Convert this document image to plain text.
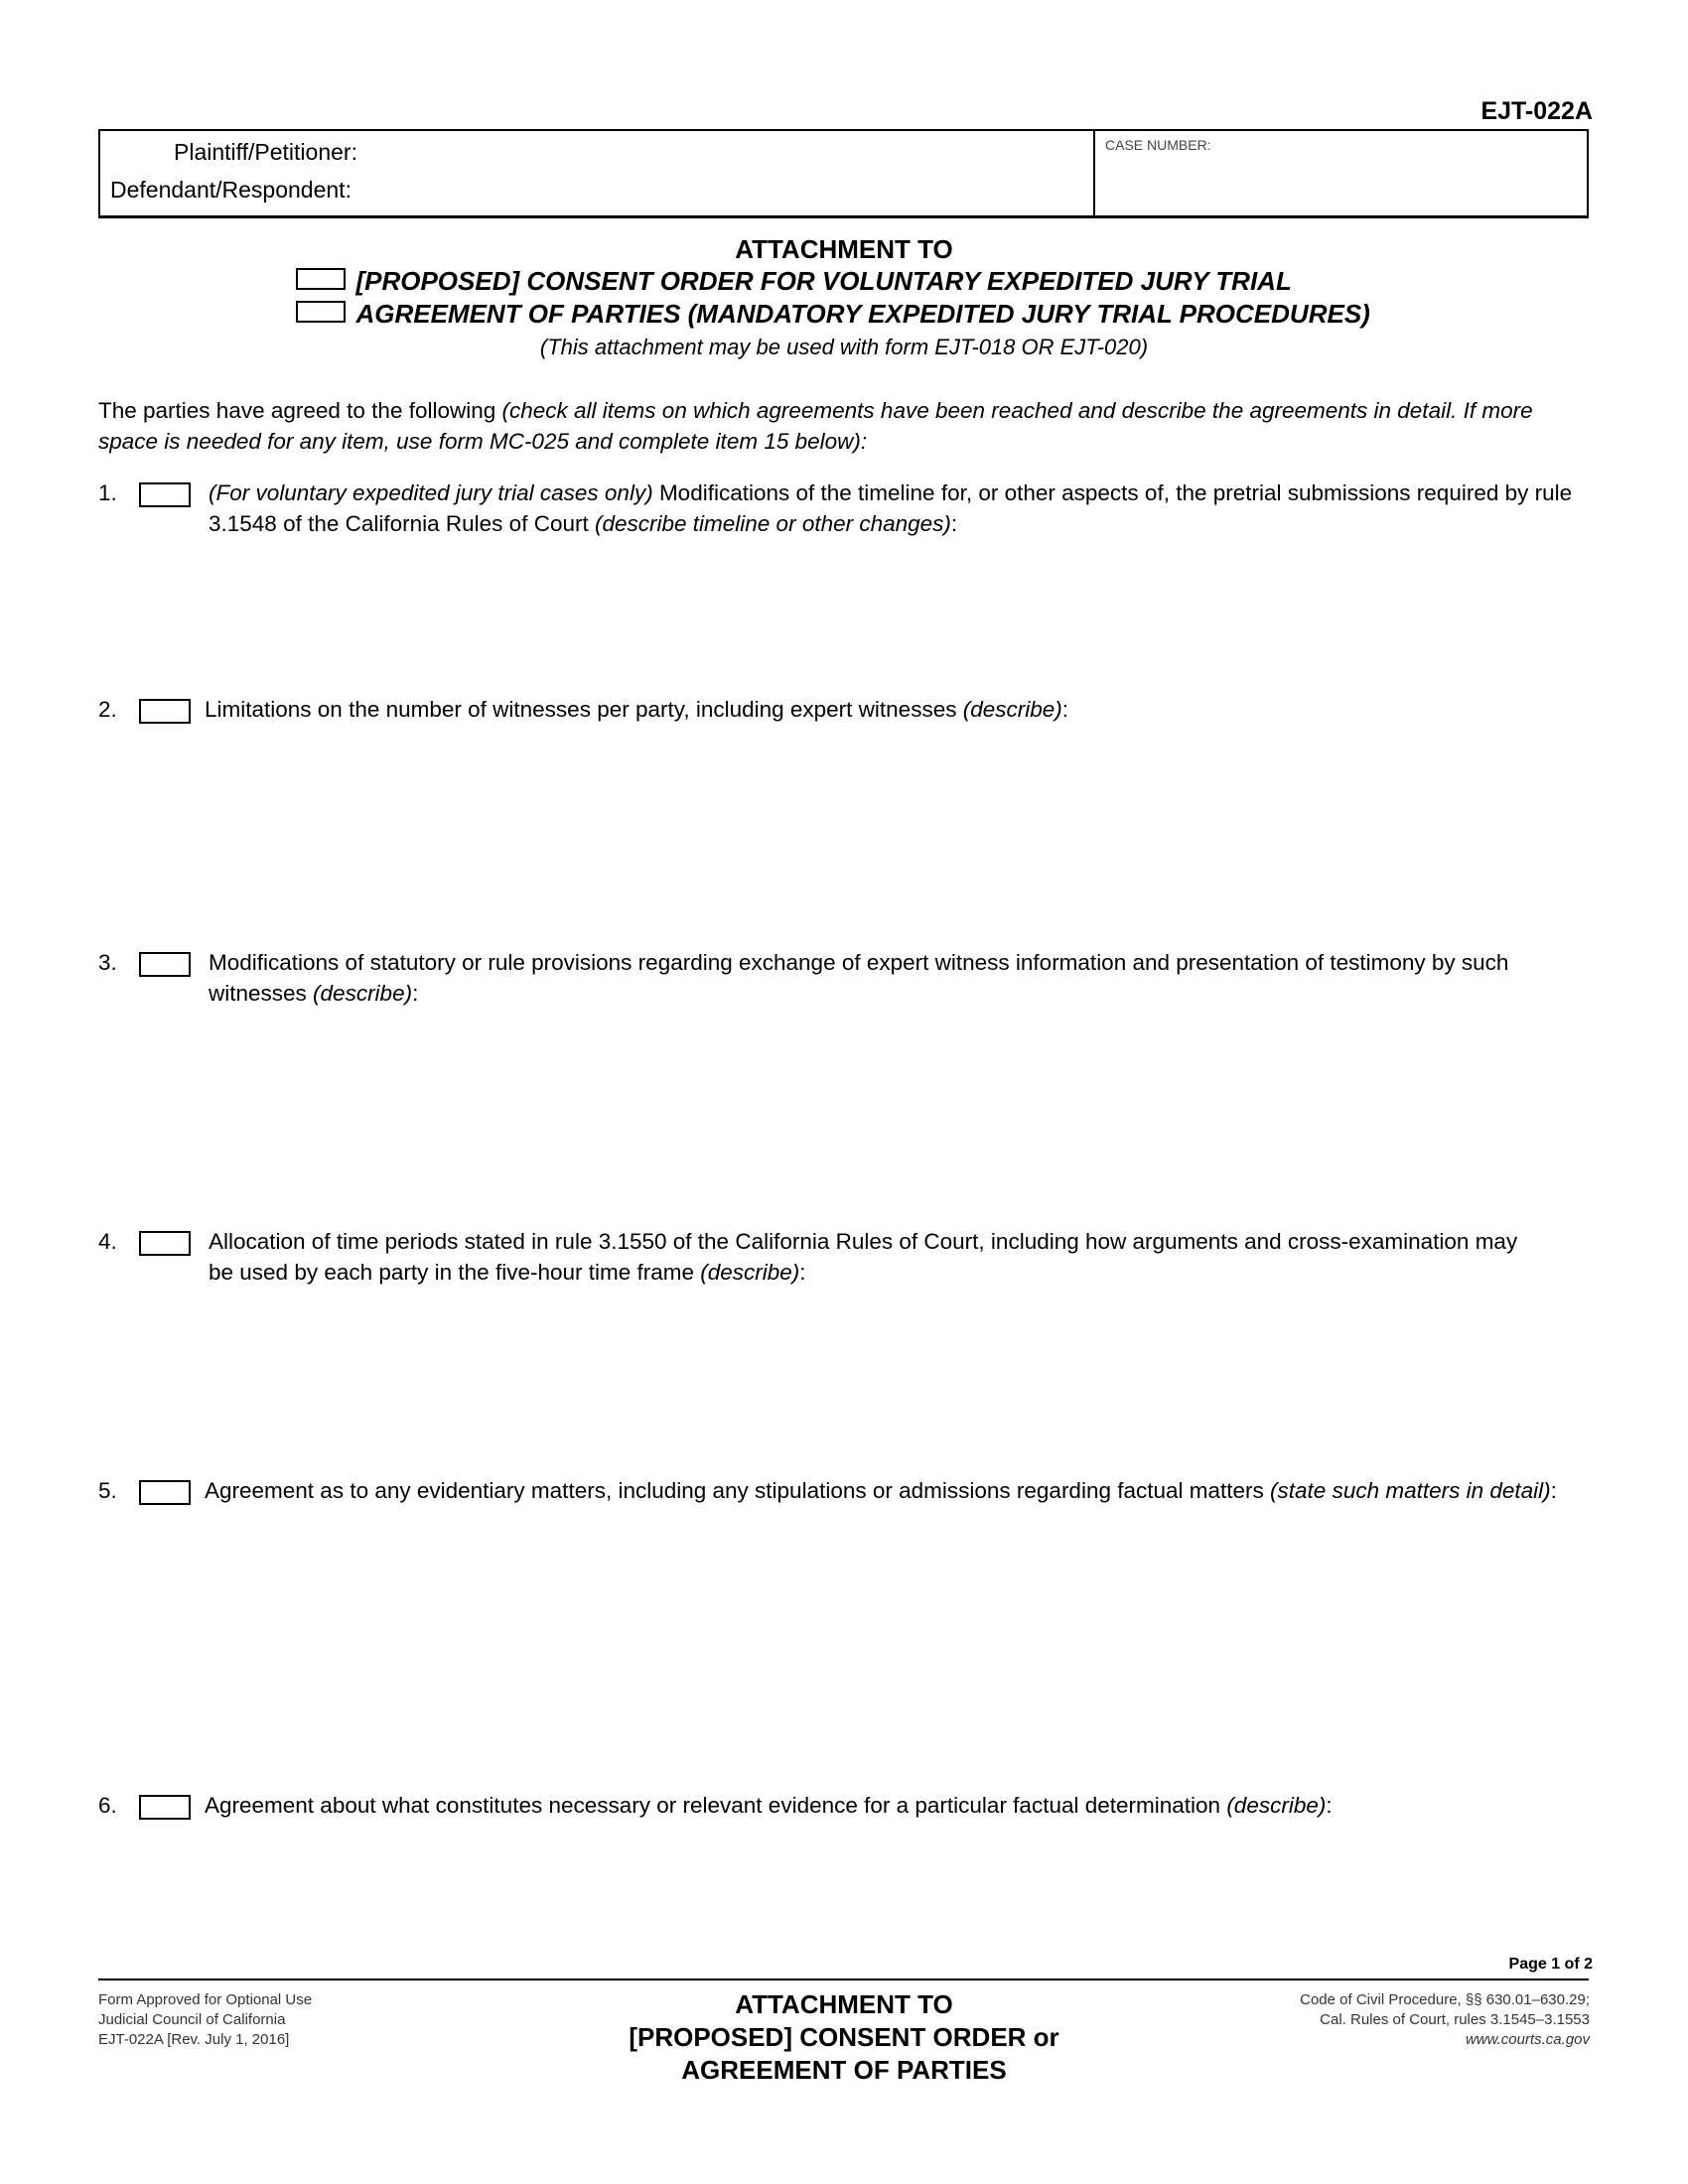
EJT-022A
Plaintiff/Petitioner:
Defendant/Respondent:
CASE NUMBER:
ATTACHMENT TO
[PROPOSED] CONSENT ORDER FOR VOLUNTARY EXPEDITED JURY TRIAL
AGREEMENT OF PARTIES (MANDATORY EXPEDITED JURY TRIAL PROCEDURES)
(This attachment may be used with form EJT-018 OR EJT-020)
The parties have agreed to the following (check all items on which agreements have been reached and describe the agreements in detail. If more space is needed for any item, use form MC-025 and complete item 15 below):
1.	(For voluntary expedited jury trial cases only) Modifications of the timeline for, or other aspects of, the pretrial submissions required by rule 3.1548 of the California Rules of Court (describe timeline or other changes):
2.	Limitations on the number of witnesses per party, including expert witnesses (describe):
3.	Modifications of statutory or rule provisions regarding exchange of expert witness information and presentation of testimony by such witnesses (describe):
4.	Allocation of time periods stated in rule 3.1550 of the California Rules of Court, including how arguments and cross-examination may be used by each party in the five-hour time frame (describe):
5.	Agreement as to any evidentiary matters, including any stipulations or admissions regarding factual matters (state such matters in detail):
6.	Agreement about what constitutes necessary or relevant evidence for a particular factual determination (describe):
Page 1 of 2
Form Approved for Optional Use
Judicial Council of California
EJT-022A [Rev. July 1, 2016]
ATTACHMENT TO
[PROPOSED] CONSENT ORDER or
AGREEMENT OF PARTIES
Code of Civil Procedure, §§ 630.01–630.29;
Cal. Rules of Court, rules 3.1545–3.1553
www.courts.ca.gov
